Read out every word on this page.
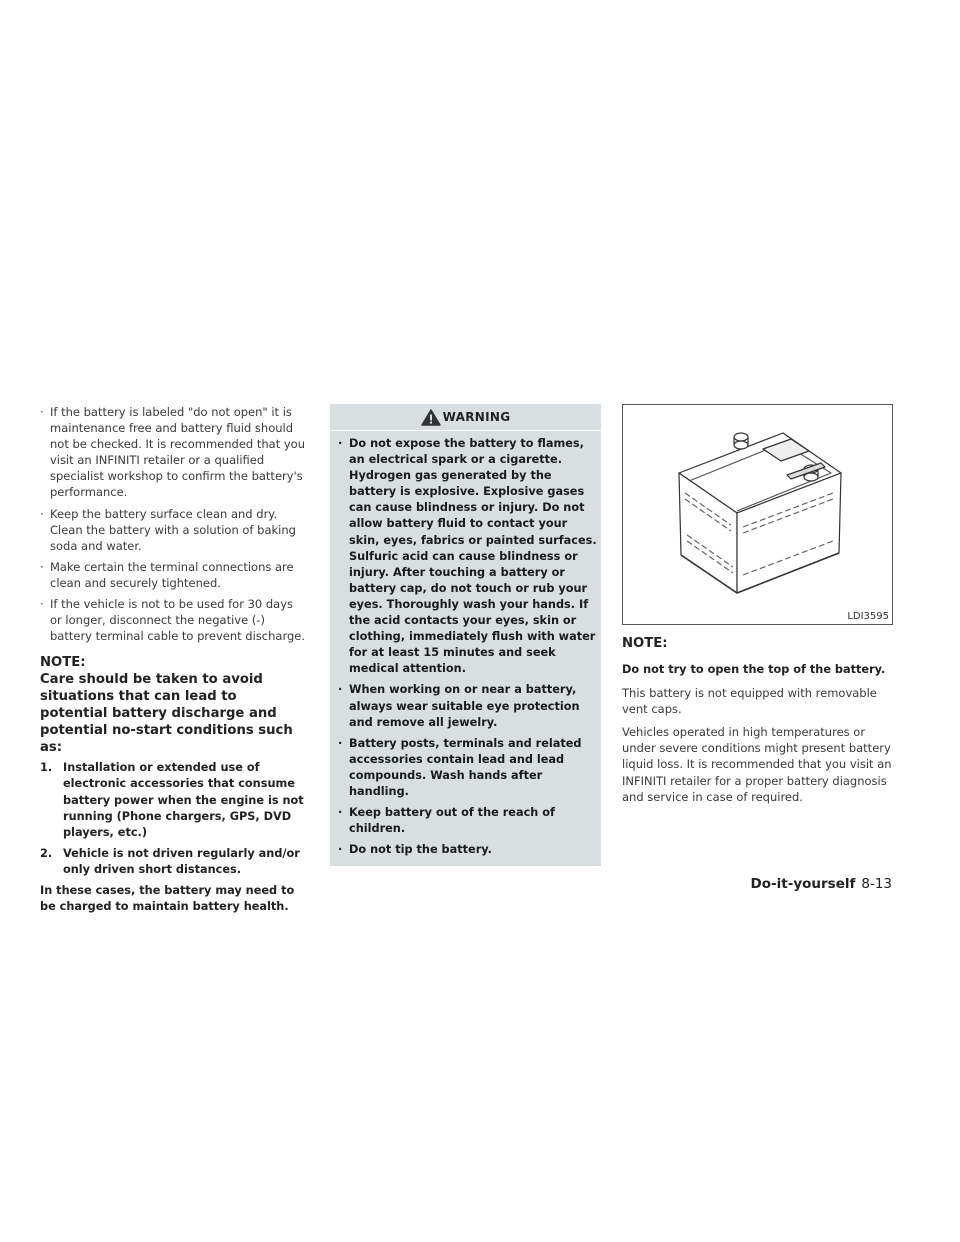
· If the battery is labeled "do not open" it is maintenance free and battery fluid should not be checked. It is recommended that you visit an INFINITI retailer or a qualified specialist workshop to confirm the battery's performance.
· Keep the battery surface clean and dry. Clean the battery with a solution of baking soda and water.
· Make certain the terminal connections are clean and securely tightened.
· If the vehicle is not to be used for 30 days or longer, disconnect the negative (-) battery terminal cable to prevent discharge.
NOTE:
Care should be taken to avoid situations that can lead to potential battery discharge and potential no-start conditions such as:
1. Installation or extended use of electronic accessories that consume battery power when the engine is not running (Phone chargers, GPS, DVD players, etc.)
2. Vehicle is not driven regularly and/or only driven short distances.
In these cases, the battery may need to be charged to maintain battery health.
WARNING
· Do not expose the battery to flames, an electrical spark or a cigarette. Hydrogen gas generated by the battery is explosive. Explosive gases can cause blindness or injury. Do not allow battery fluid to contact your skin, eyes, fabrics or painted surfaces. Sulfuric acid can cause blindness or injury. After touching a battery or battery cap, do not touch or rub your eyes. Thoroughly wash your hands. If the acid contacts your eyes, skin or clothing, immediately flush with water for at least 15 minutes and seek medical attention.
· When working on or near a battery, always wear suitable eye protection and remove all jewelry.
· Battery posts, terminals and related accessories contain lead and lead compounds. Wash hands after handling.
· Keep battery out of the reach of children.
· Do not tip the battery.
LDI3595
NOTE:
Do not try to open the top of the battery.
This battery is not equipped with removable vent caps.
Vehicles operated in high temperatures or under severe conditions might present battery liquid loss. It is recommended that you visit an INFINITI retailer for a proper battery diagnosis and service in case of required.
Do-it-yourself 8-13
